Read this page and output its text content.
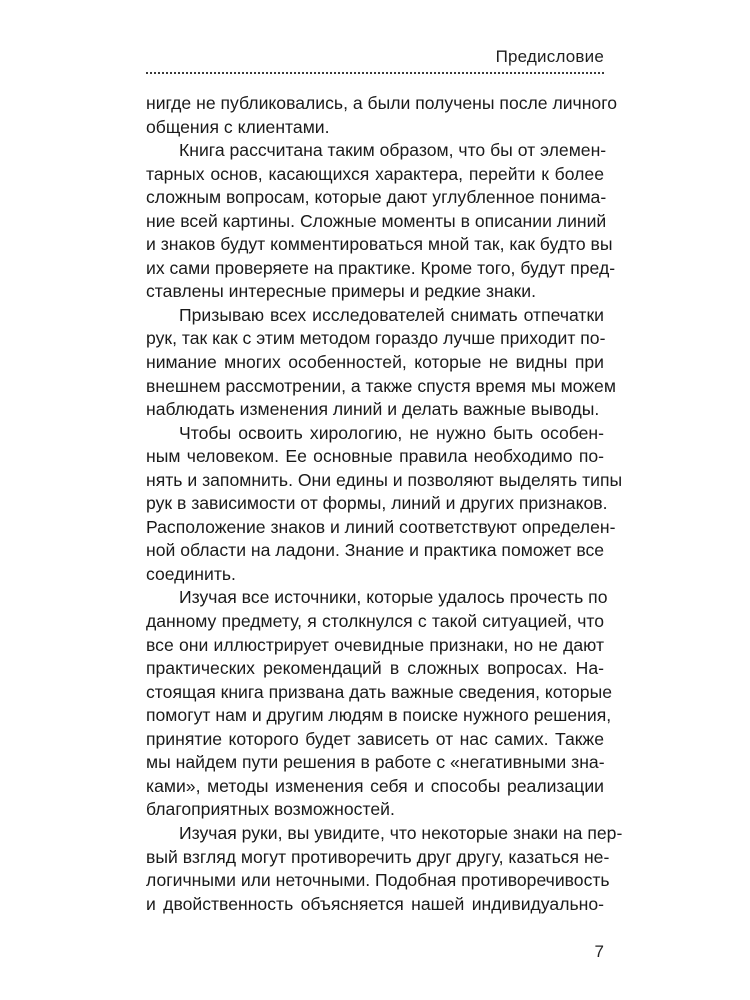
Предисловие
нигде не публиковались, а были получены после личного
общения с клиентами.
Книга рассчитана таким образом, что бы от элемен-
тарных основ, касающихся характера, перейти к более
сложным вопросам, которые дают углубленное понима-
ние всей картины. Сложные моменты в описании линий
и знаков будут комментироваться мной так, как будто вы
их сами проверяете на практике. Кроме того, будут пред-
ставлены интересные примеры и редкие знаки.
Призываю всех исследователей снимать отпечатки
рук, так как с этим методом гораздо лучше приходит по-
нимание многих особенностей, которые не видны при
внешнем рассмотрении, а также спустя время мы можем
наблюдать изменения линий и делать важные выводы.
Чтобы освоить хирологию, не нужно быть особен-
ным человеком. Ее основные правила необходимо по-
нять и запомнить. Они едины и позволяют выделять типы
рук в зависимости от формы, линий и других признаков.
Расположение знаков и линий соответствуют определен-
ной области на ладони. Знание и практика поможет все
соединить.
Изучая все источники, которые удалось прочесть по
данному предмету, я столкнулся с такой ситуацией, что
все они иллюстрирует очевидные признаки, но не дают
практических рекомендаций в сложных вопросах. На-
стоящая книга призвана дать важные сведения, которые
помогут нам и другим людям в поиске нужного решения,
принятие которого будет зависеть от нас самих. Также
мы найдем пути решения в работе с «негативными зна-
ками», методы изменения себя и способы реализации
благоприятных возможностей.
Изучая руки, вы увидите, что некоторые знаки на пер-
вый взгляд могут противоречить друг другу, казаться не-
логичными или неточными. Подобная противоречивость
и двойственность объясняется нашей индивидуально-
7
